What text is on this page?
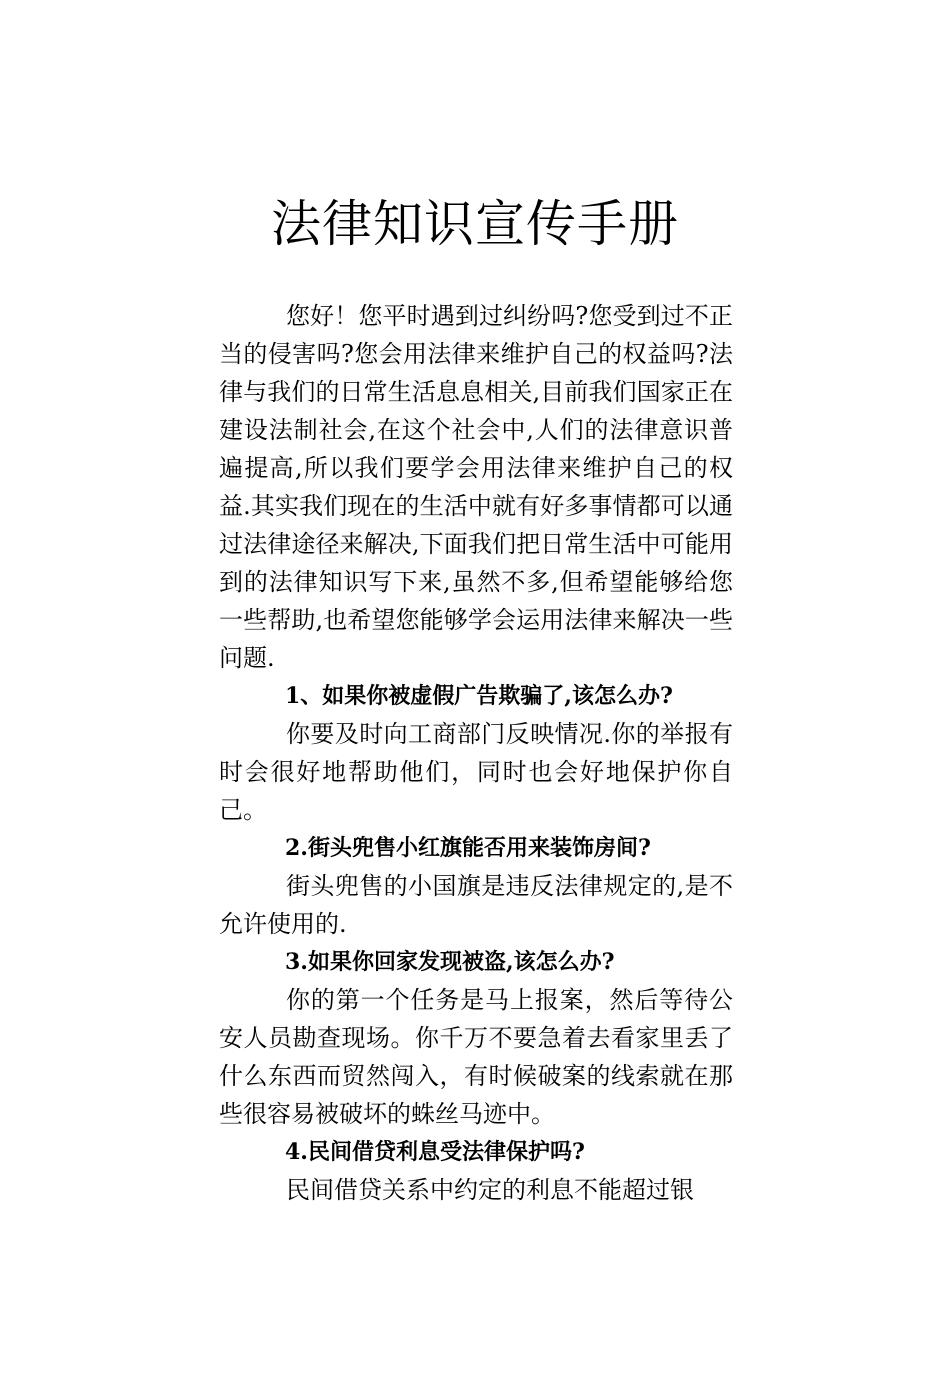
法律知识宣传手册

您好！您平时遇到过纠纷吗?您受到过不正当的侵害吗?您会用法律来维护自己的权益吗?法律与我们的日常生活息息相关,目前我们国家正在建设法制社会,在这个社会中,人们的法律意识普遍提高,所以我们要学会用法律来维护自己的权益.其实我们现在的生活中就有好多事情都可以通过法律途径来解决,下面我们把日常生活中可能用到的法律知识写下来,虽然不多,但希望能够给您一些帮助,也希望您能够学会运用法律来解决一些问题.

1、如果你被虚假广告欺骗了,该怎么办?

你要及时向工商部门反映情况.你的举报有时会很好地帮助他们，同时也会好地保护你自己。

2.街头兜售小红旗能否用来装饰房间?

街头兜售的小国旗是违反法律规定的,是不允许使用的.

3.如果你回家发现被盗,该怎么办?

你的第一个任务是马上报案，然后等待公安人员勘查现场。你千万不要急着去看家里丢了什么东西而贸然闯入，有时候破案的线索就在那些很容易被破坏的蛛丝马迹中。

4.民间借贷利息受法律保护吗?

民间借贷关系中约定的利息不能超过银
